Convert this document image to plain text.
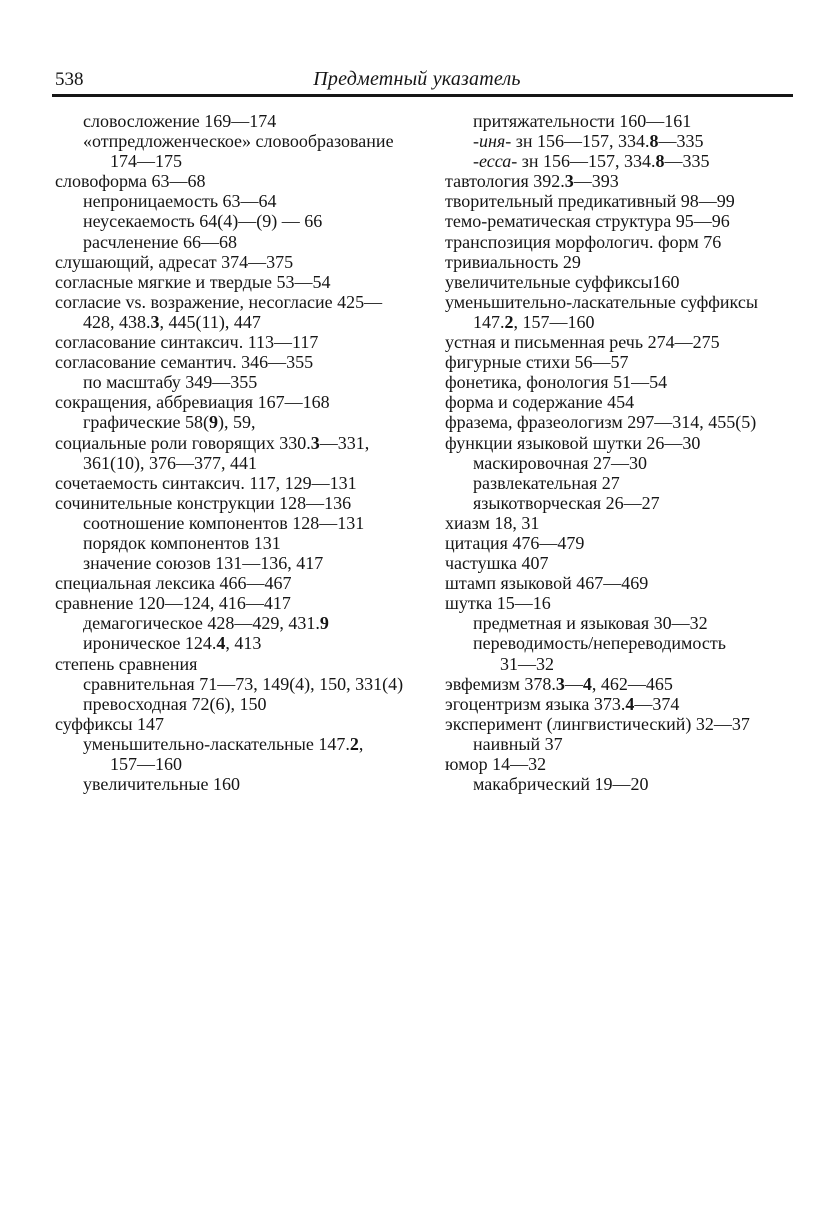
538	Предметный указатель
словосложение 169—174
«отпредложенческое» словообразование
174—175
словоформа 63—68
непроницаемость 63—64
неусекаемость 64(4)—(9) — 66
расчленение 66—68
слушающий, адресат 374—375
согласные мягкие и твердые 53—54
согласие vs. возражение, несогласие 425—
428, 438.3, 445(11), 447
согласование синтаксич. 113—117
согласование семантич. 346—355
по масштабу 349—355
сокращения, аббревиация 167—168
графические 58(9), 59,
социальные роли говорящих 330.3—331,
361(10), 376—377, 441
сочетаемость синтаксич. 117, 129—131
сочинительные конструкции 128—136
соотношение компонентов 128—131
порядок компонентов 131
значение союзов 131—136, 417
специальная лексика 466—467
сравнение 120—124, 416—417
демагогическое 428—429, 431.9
ироническое 124.4, 413
степень сравнения
сравнительная 71—73, 149(4), 150, 331(4)
превосходная 72(6), 150
суффиксы 147
уменьшительно-ласкательные 147.2,
157—160
увеличительные 160
притяжательности 160—161
-иня- зн 156—157, 334.8—335
-есса- зн 156—157, 334.8—335
тавтология 392.3—393
творительный предикативный 98—99
темо-рематическая структура 95—96
транспозиция морфологич. форм 76
тривиальность 29
увеличительные суффиксы160
уменьшительно-ласкательные суффиксы
147.2, 157—160
устная и письменная речь 274—275
фигурные стихи 56—57
фонетика, фонология 51—54
форма и содержание 454
фразема, фразеологизм 297—314, 455(5)
функции языковой шутки 26—30
маскировочная 27—30
развлекательная 27
языкотворческая 26—27
хиазм 18, 31
цитация 476—479
частушка 407
штамп языковой 467—469
шутка 15—16
предметная и языковая 30—32
переводимость/непереводимость
31—32
эвфемизм 378.3—4, 462—465
эгоцентризм языка 373.4—374
эксперимент (лингвистический) 32—37
наивный 37
юмор 14—32
макабрический 19—20
